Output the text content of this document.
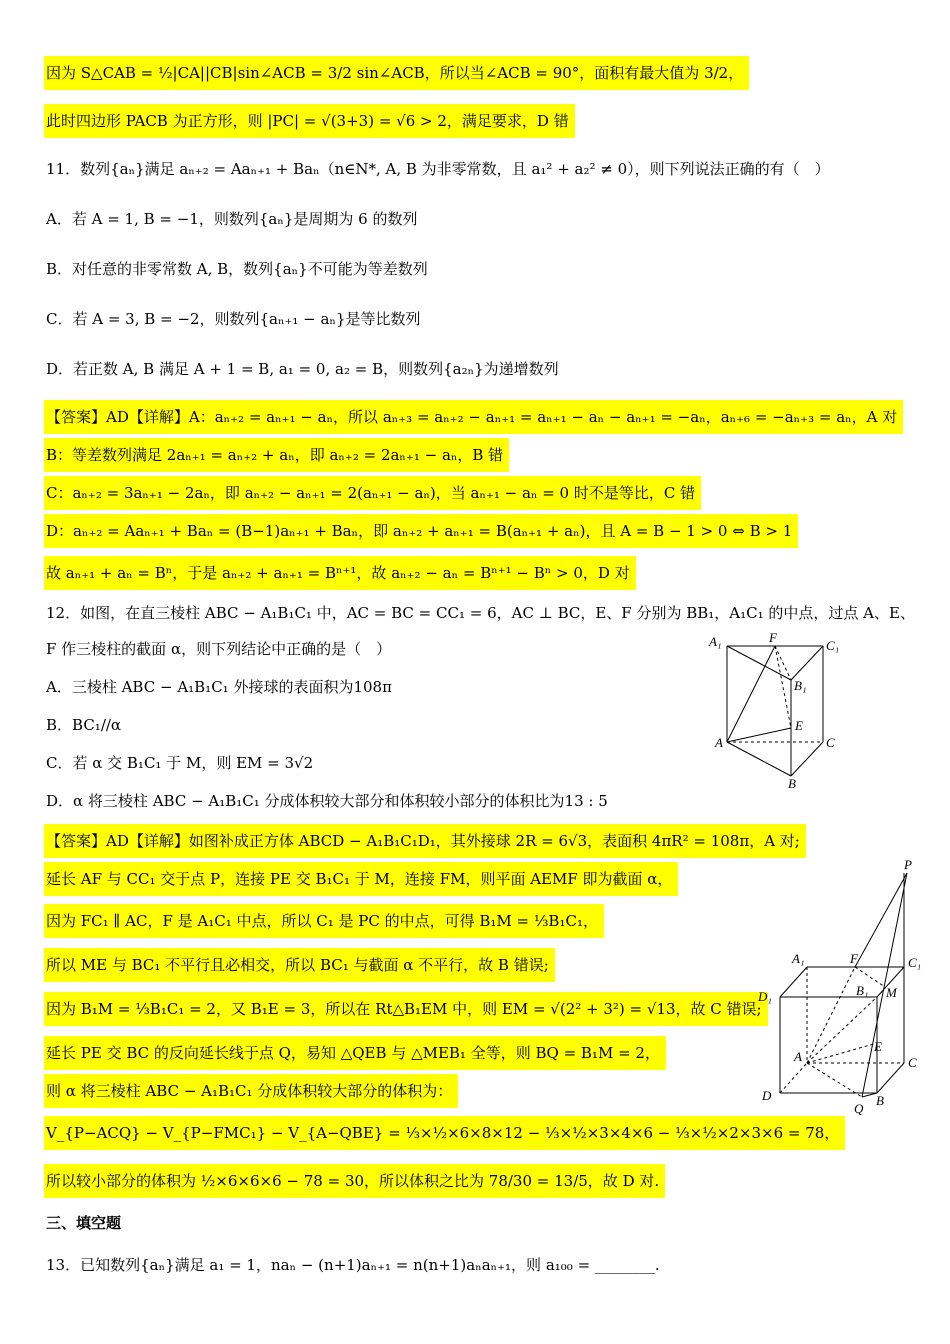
因为 S△CAB = ½|CA||CB|sin∠ACB = 3/2 sin∠ACB，所以当∠ACB = 90°，面积有最大值为 3/2，
此时四边形 PACB 为正方形，则 |PC| = √(3+3) = √6 > 2，满足要求，D 错
11．数列{aₙ}满足 aₙ₊₂ = Aaₙ₊₁ + Baₙ（n∈N*, A, B 为非零常数，且 a₁² + a₂² ≠ 0），则下列说法正确的有（　）
A．若 A = 1, B = −1，则数列{aₙ}是周期为 6 的数列
B．对任意的非零常数 A, B，数列{aₙ}不可能为等差数列
C．若 A = 3, B = −2，则数列{aₙ₊₁ − aₙ}是等比数列
D．若正数 A, B 满足 A + 1 = B, a₁ = 0, a₂ = B，则数列{a₂ₙ}为递增数列
【答案】AD【详解】A：aₙ₊₂ = aₙ₊₁ − aₙ，所以 aₙ₊₃ = aₙ₊₂ − aₙ₊₁ = aₙ₊₁ − aₙ − aₙ₊₁ = −aₙ，aₙ₊₆ = −aₙ₊₃ = aₙ，A 对
B：等差数列满足 2aₙ₊₁ = aₙ₊₂ + aₙ，即 aₙ₊₂ = 2aₙ₊₁ − aₙ，B 错
C：aₙ₊₂ = 3aₙ₊₁ − 2aₙ，即 aₙ₊₂ − aₙ₊₁ = 2(aₙ₊₁ − aₙ)，当 aₙ₊₁ − aₙ = 0 时不是等比，C 错
D：aₙ₊₂ = Aaₙ₊₁ + Baₙ = (B−1)aₙ₊₁ + Baₙ，即 aₙ₊₂ + aₙ₊₁ = B(aₙ₊₁ + aₙ)，且 A = B − 1 > 0 ⇔ B > 1
故 aₙ₊₁ + aₙ = Bⁿ，于是 aₙ₊₂ + aₙ₊₁ = Bⁿ⁺¹，故 aₙ₊₂ − aₙ = Bⁿ⁺¹ − Bⁿ > 0，D 对
12．如图，在直三棱柱 ABC − A₁B₁C₁ 中，AC = BC = CC₁ = 6，AC ⊥ BC，E、F 分别为 BB₁，A₁C₁ 的中点，过点 A、E、
F 作三棱柱的截面 α，则下列结论中正确的是（　）
A．三棱柱 ABC − A₁B₁C₁ 外接球的表面积为108π
B．BC₁//α
C．若 α 交 B₁C₁ 于 M，则 EM = 3√2
D．α 将三棱柱 ABC − A₁B₁C₁ 分成体积较大部分和体积较小部分的体积比为13 : 5
【答案】AD【详解】如图补成正方体 ABCD − A₁B₁C₁D₁，其外接球 2R = 6√3，表面积 4πR² = 108π，A 对;
延长 AF 与 CC₁ 交于点 P，连接 PE 交 B₁C₁ 于 M，连接 FM，则平面 AEMF 即为截面 α，
因为 FC₁ ∥ AC，F 是 A₁C₁ 中点，所以 C₁ 是 PC 的中点，可得 B₁M = ⅓B₁C₁，
所以 ME 与 BC₁ 不平行且必相交，所以 BC₁ 与截面 α 不平行，故 B 错误;
因为 B₁M = ⅓B₁C₁ = 2，又 B₁E = 3，所以在 Rt△B₁EM 中，则 EM = √(2² + 3²) = √13，故 C 错误;
延长 PE 交 BC 的反向延长线于点 Q，易知 △QEB 与 △MEB₁ 全等，则 BQ = B₁M = 2，
则 α 将三棱柱 ABC − A₁B₁C₁ 分成体积较大部分的体积为：
V_{P−ACQ} − V_{P−FMC₁} − V_{A−QBE} = ⅓×½×6×8×12 − ⅓×½×3×4×6 − ⅓×½×2×3×6 = 78，
所以较小部分的体积为 ½×6×6×6 − 78 = 30，所以体积之比为 78/30 = 13/5，故 D 对.
三、填空题
13．已知数列{aₙ}满足 a₁ = 1，naₙ − (n+1)aₙ₊₁ = n(n+1)aₙaₙ₊₁，则 a₁₀₀ = ________.
A₁	F
C₁
B₁
E
A	C
B
P
A₁	F	C₁
D₁	B₁ M
E
A	C
D
Q
B
